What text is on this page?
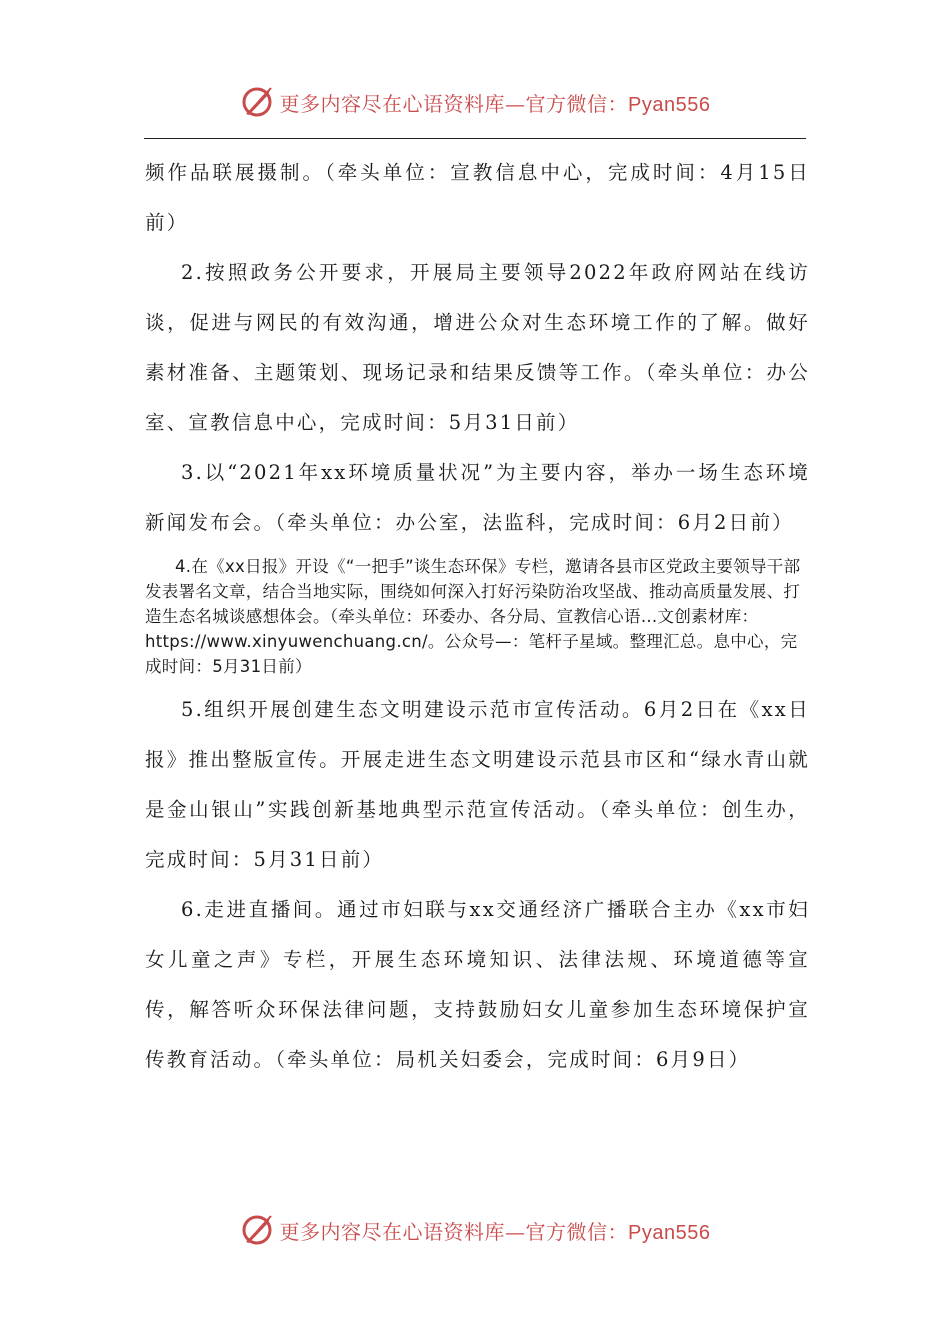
更多内容尽在心语资料库—官方微信：Pyan556

频作品联展摄制。（牵头单位：宣教信息中心，完成时间：4月15日前）

2.按照政务公开要求，开展局主要领导2022年政府网站在线访谈，促进与网民的有效沟通，增进公众对生态环境工作的了解。做好素材准备、主题策划、现场记录和结果反馈等工作。（牵头单位：办公室、宣教信息中心，完成时间：5月31日前）

3.以“2021年xx环境质量状况”为主要内容，举办一场生态环境新闻发布会。（牵头单位：办公室，法监科，完成时间：6月2日前）

4.在《xx日报》开设《“一把手”谈生态环保》专栏，邀请各县市区党政主要领导干部发表署名文章，结合当地实际，围绕如何深入打好污染防治攻坚战、推动高质量发展、打造生态名城谈感想体会。（牵头单位：环委办、各分局、宣教信心语…文创素材库：https://www.xinyuwenchuang.cn/。公众号—：笔杆子星域。整理汇总。息中心，完成时间：5月31日前）

5.组织开展创建生态文明建设示范市宣传活动。6月2日在《xx日报》推出整版宣传。开展走进生态文明建设示范县市区和“绿水青山就是金山银山”实践创新基地典型示范宣传活动。（牵头单位：创生办，完成时间：5月31日前）

6.走进直播间。通过市妇联与xx交通经济广播联合主办《xx市妇女儿童之声》专栏，开展生态环境知识、法律法规、环境道德等宣传，解答听众环保法律问题，支持鼓励妇女儿童参加生态环境保护宣传教育活动。（牵头单位：局机关妇委会，完成时间：6月9日）

更多内容尽在心语资料库—官方微信：Pyan556
